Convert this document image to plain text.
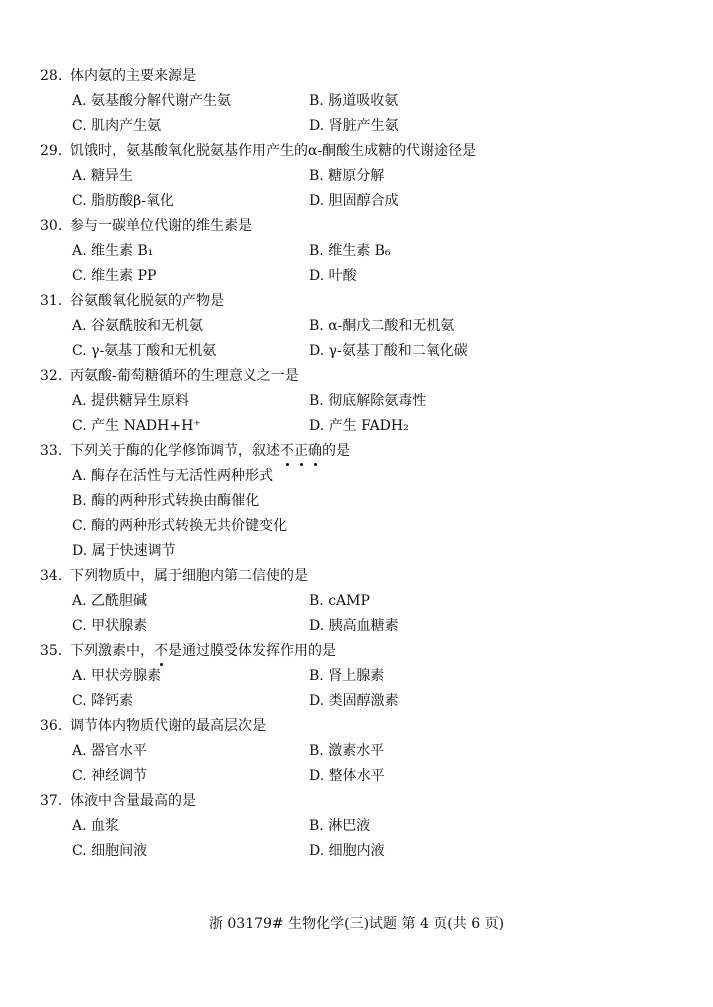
28. 体内氨的主要来源是
A. 氨基酸分解代谢产生氨	B. 肠道吸收氨
C. 肌肉产生氨	D. 肾脏产生氨
29. 饥饿时，氨基酸氧化脱氨基作用产生的α-酮酸生成糖的代谢途径是
A. 糖异生	B. 糖原分解
C. 脂肪酸β-氧化	D. 胆固醇合成
30. 参与一碳单位代谢的维生素是
A. 维生素 B₁	B. 维生素 B₆
C. 维生素 PP	D. 叶酸
31. 谷氨酸氧化脱氨的产物是
A. 谷氨酰胺和无机氨	B. α-酮戊二酸和无机氨
C. γ-氨基丁酸和无机氨	D. γ-氨基丁酸和二氧化碳
32. 丙氨酸-葡萄糖循环的生理意义之一是
A. 提供糖异生原料	B. 彻底解除氨毒性
C. 产生 NADH+H⁺	D. 产生 FADH₂
33. 下列关于酶的化学修饰调节，叙述不
正
确
的是
A. 酶存在活性与无活性两种形式
B. 酶的两种形式转换由酶催化
C. 酶的两种形式转换无共价键变化
D. 属于快速调节
34. 下列物质中，属于细胞内第二信使的是
A. 乙酰胆碱	B. cAMP
C. 甲状腺素	D. 胰高血糖素
35. 下列激素中，不
是通过膜受体发挥作用的是
A. 甲状旁腺素	B. 肾上腺素
C. 降钙素	D. 类固醇激素
36. 调节体内物质代谢的最高层次是
A. 器官水平	B. 激素水平
C. 神经调节	D. 整体水平
37. 体液中含量最高的是
A. 血浆	B. 淋巴液
C. 细胞间液	D. 细胞内液
浙 03179# 生物化学(三)试题 第 4 页(共 6 页)
